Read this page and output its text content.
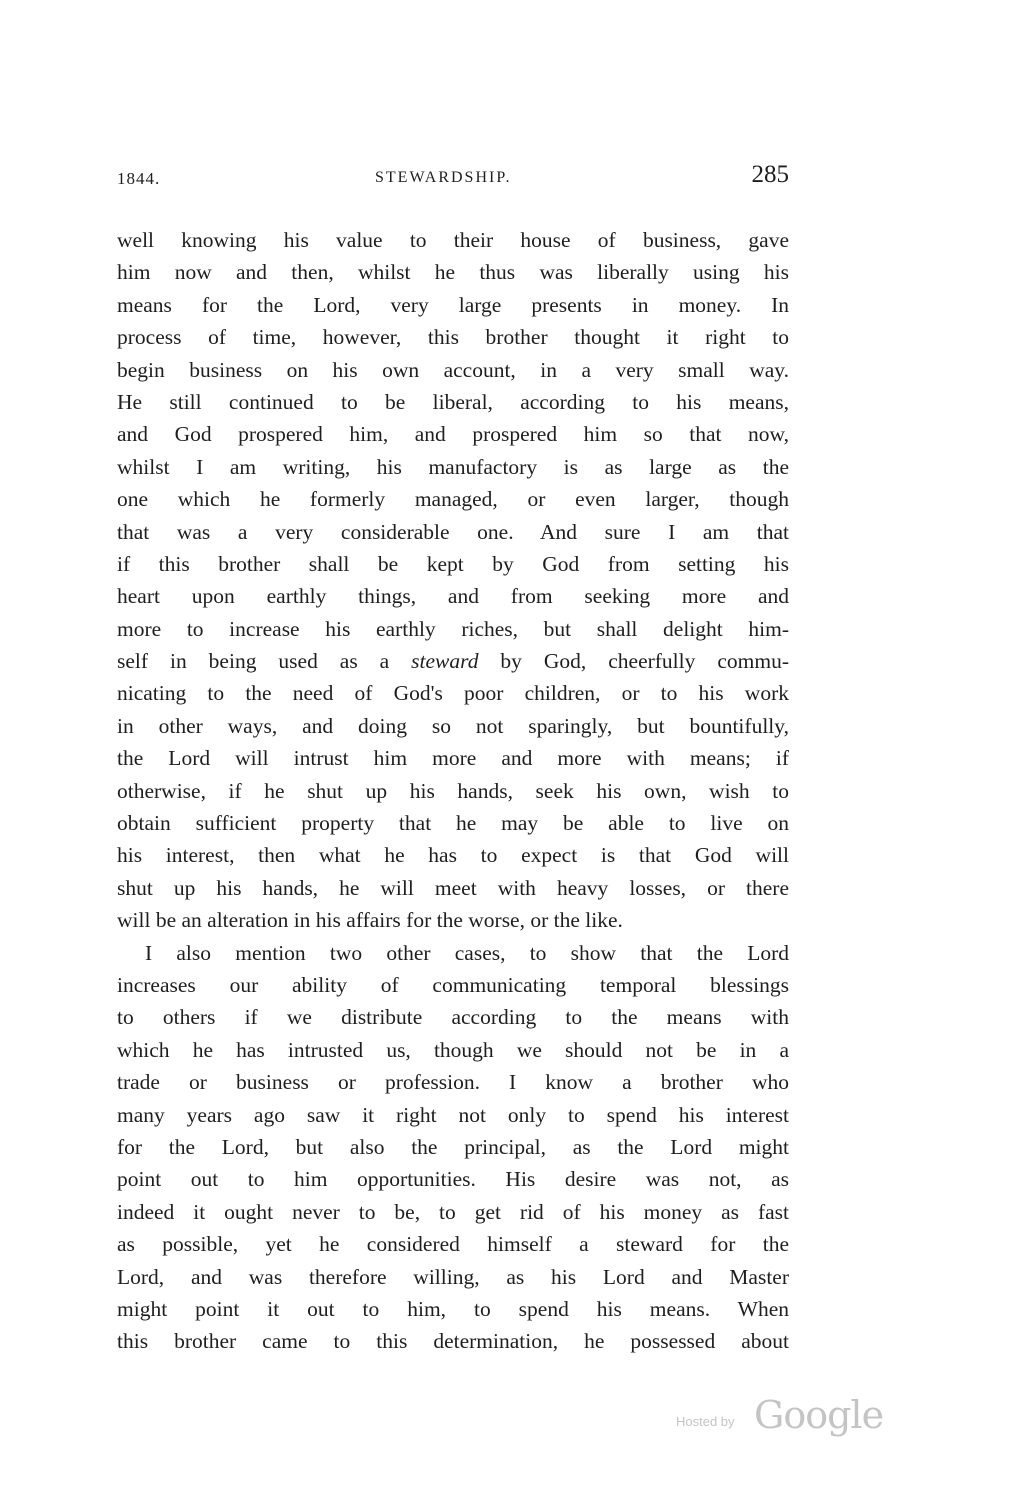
1844.	STEWARDSHIP.	285
well knowing his value to their house of business, gave
him now and then, whilst he thus was liberally using his
means for the Lord, very large presents in money. In
process of time, however, this brother thought it right to
begin business on his own account, in a very small way.
He still continued to be liberal, according to his means,
and God prospered him, and prospered him so that now,
whilst I am writing, his manufactory is as large as the
one which he formerly managed, or even larger, though
that was a very considerable one. And sure I am that
if this brother shall be kept by God from setting his
heart upon earthly things, and from seeking more and
more to increase his earthly riches, but shall delight him-
self in being used as a steward by God, cheerfully commu-
nicating to the need of God's poor children, or to his work
in other ways, and doing so not sparingly, but bountifully,
the Lord will intrust him more and more with means; if
otherwise, if he shut up his hands, seek his own, wish to
obtain sufficient property that he may be able to live on
his interest, then what he has to expect is that God will
shut up his hands, he will meet with heavy losses, or there
will be an alteration in his affairs for the worse, or the like.
I also mention two other cases, to show that the Lord
increases our ability of communicating temporal blessings
to others if we distribute according to the means with
which he has intrusted us, though we should not be in a
trade or business or profession. I know a brother who
many years ago saw it right not only to spend his interest
for the Lord, but also the principal, as the Lord might
point out to him opportunities. His desire was not, as
indeed it ought never to be, to get rid of his money as fast
as possible, yet he considered himself a steward for the
Lord, and was therefore willing, as his Lord and Master
might point it out to him, to spend his means. When
this brother came to this determination, he possessed about
Hosted by Google
